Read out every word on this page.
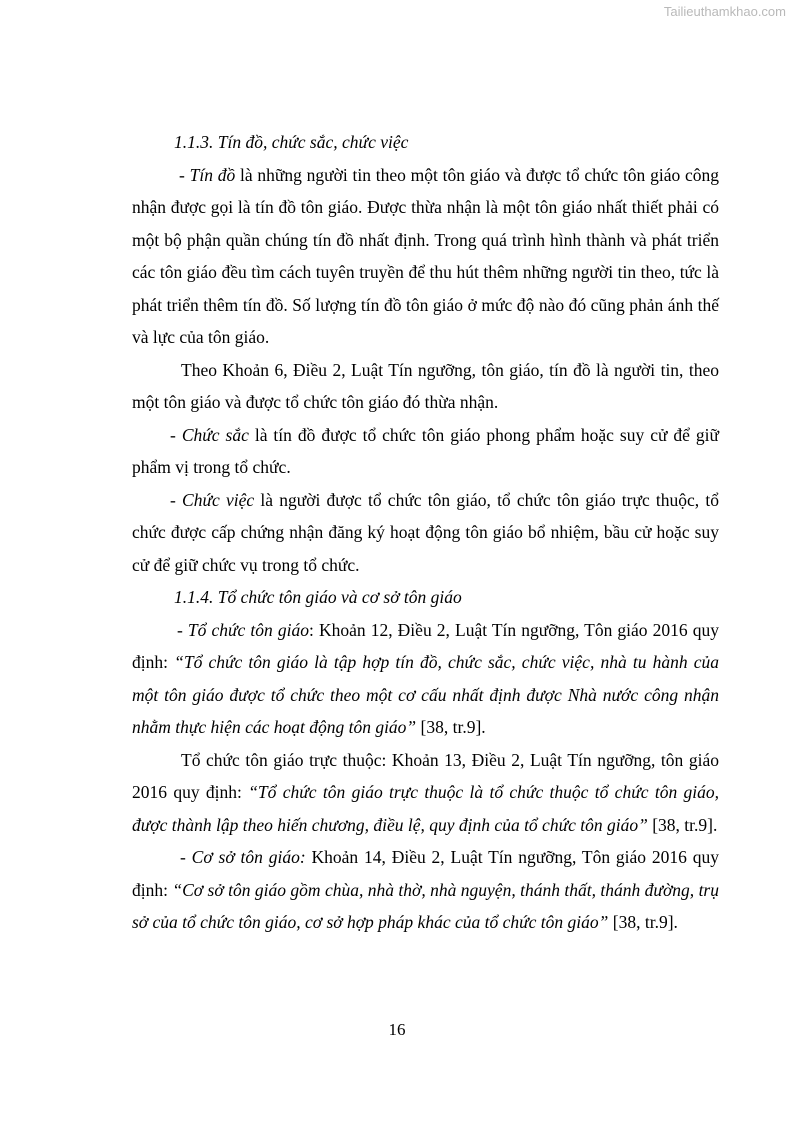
Tailieuthamkhao.com

1.1.3. Tín đồ, chức sắc, chức việc

- Tín đồ là những người tin theo một tôn giáo và được tổ chức tôn giáo công nhận được gọi là tín đồ tôn giáo. Được thừa nhận là một tôn giáo nhất thiết phải có một bộ phận quần chúng tín đồ nhất định. Trong quá trình hình thành và phát triển các tôn giáo đều tìm cách tuyên truyền để thu hút thêm những người tin theo, tức là phát triển thêm tín đồ. Số lượng tín đồ tôn giáo ở mức độ nào đó cũng phản ánh thế và lực của tôn giáo.

Theo Khoản 6, Điều 2, Luật Tín ngưỡng, tôn giáo, tín đồ là người tin, theo một tôn giáo và được tổ chức tôn giáo đó thừa nhận.

- Chức sắc là tín đồ được tổ chức tôn giáo phong phẩm hoặc suy cử để giữ phẩm vị trong tổ chức.

- Chức việc là người được tổ chức tôn giáo, tổ chức tôn giáo trực thuộc, tổ chức được cấp chứng nhận đăng ký hoạt động tôn giáo bổ nhiệm, bầu cử hoặc suy cử để giữ chức vụ trong tổ chức.

1.1.4. Tổ chức tôn giáo và cơ sở tôn giáo

- Tổ chức tôn giáo: Khoản 12, Điều 2, Luật Tín ngưỡng, Tôn giáo 2016 quy định: “Tổ chức tôn giáo là tập hợp tín đồ, chức sắc, chức việc, nhà tu hành của một tôn giáo được tổ chức theo một cơ cấu nhất định được Nhà nước công nhận nhằm thực hiện các hoạt động tôn giáo” [38, tr.9].

Tổ chức tôn giáo trực thuộc: Khoản 13, Điều 2, Luật Tín ngưỡng, tôn giáo 2016 quy định: “Tổ chức tôn giáo trực thuộc là tổ chức thuộc tổ chức tôn giáo, được thành lập theo hiến chương, điều lệ, quy định của tổ chức tôn giáo” [38, tr.9].

- Cơ sở tôn giáo: Khoản 14, Điều 2, Luật Tín ngưỡng, Tôn giáo 2016 quy định: “Cơ sở tôn giáo gồm chùa, nhà thờ, nhà nguyện, thánh thất, thánh đường, trụ sở của tổ chức tôn giáo, cơ sở hợp pháp khác của tổ chức tôn giáo” [38, tr.9].

16
